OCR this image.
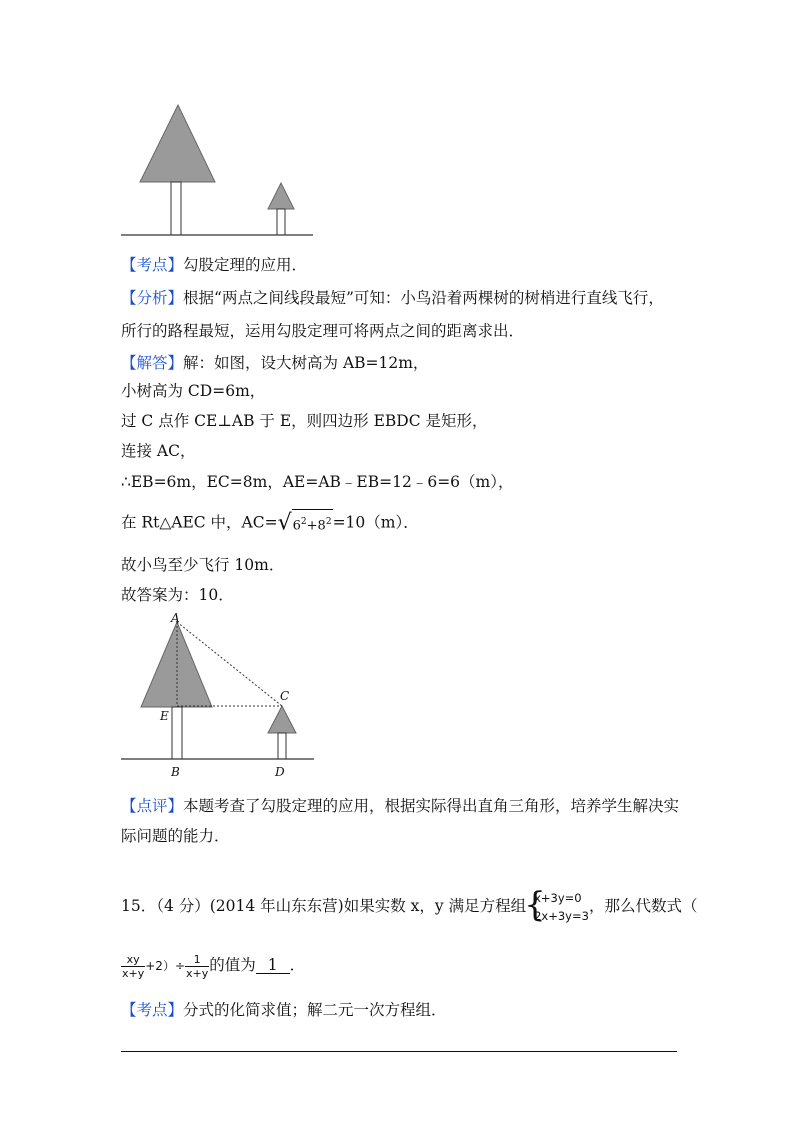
【考点】勾股定理的应用．
【分析】根据“两点之间线段最短”可知：小鸟沿着两棵树的树梢进行直线飞行，
所行的路程最短，运用勾股定理可将两点之间的距离求出．
【解答】解：如图，设大树高为 AB=12m，
小树高为 CD=6m，
过 C 点作 CE⊥AB 于 E，则四边形 EBDC 是矩形，
连接 AC，
∴EB=6m，EC=8m，AE=AB﹣EB=12﹣6=6（m），
在 Rt△AEC 中，$AC=√6^2+8^2=10(m)$．
故小鸟至少飞行 10m．
故答案为：10．
A
C
E
B	D
【点评】本题考查了勾股定理的应用，根据实际得出直角三角形，培养学生解决实
际问题的能力．
15．（4 分）(2014 年山东东营)如果实数 x，y 满足方程组
{
x+3y=0
2x+3y=3
，那么代数式（
$\frac{xy}{x+y} +2)\div \frac{1}{x+y}$ 的值为 1 ．
【考点】分式的化简求值；解二元一次方程组．
